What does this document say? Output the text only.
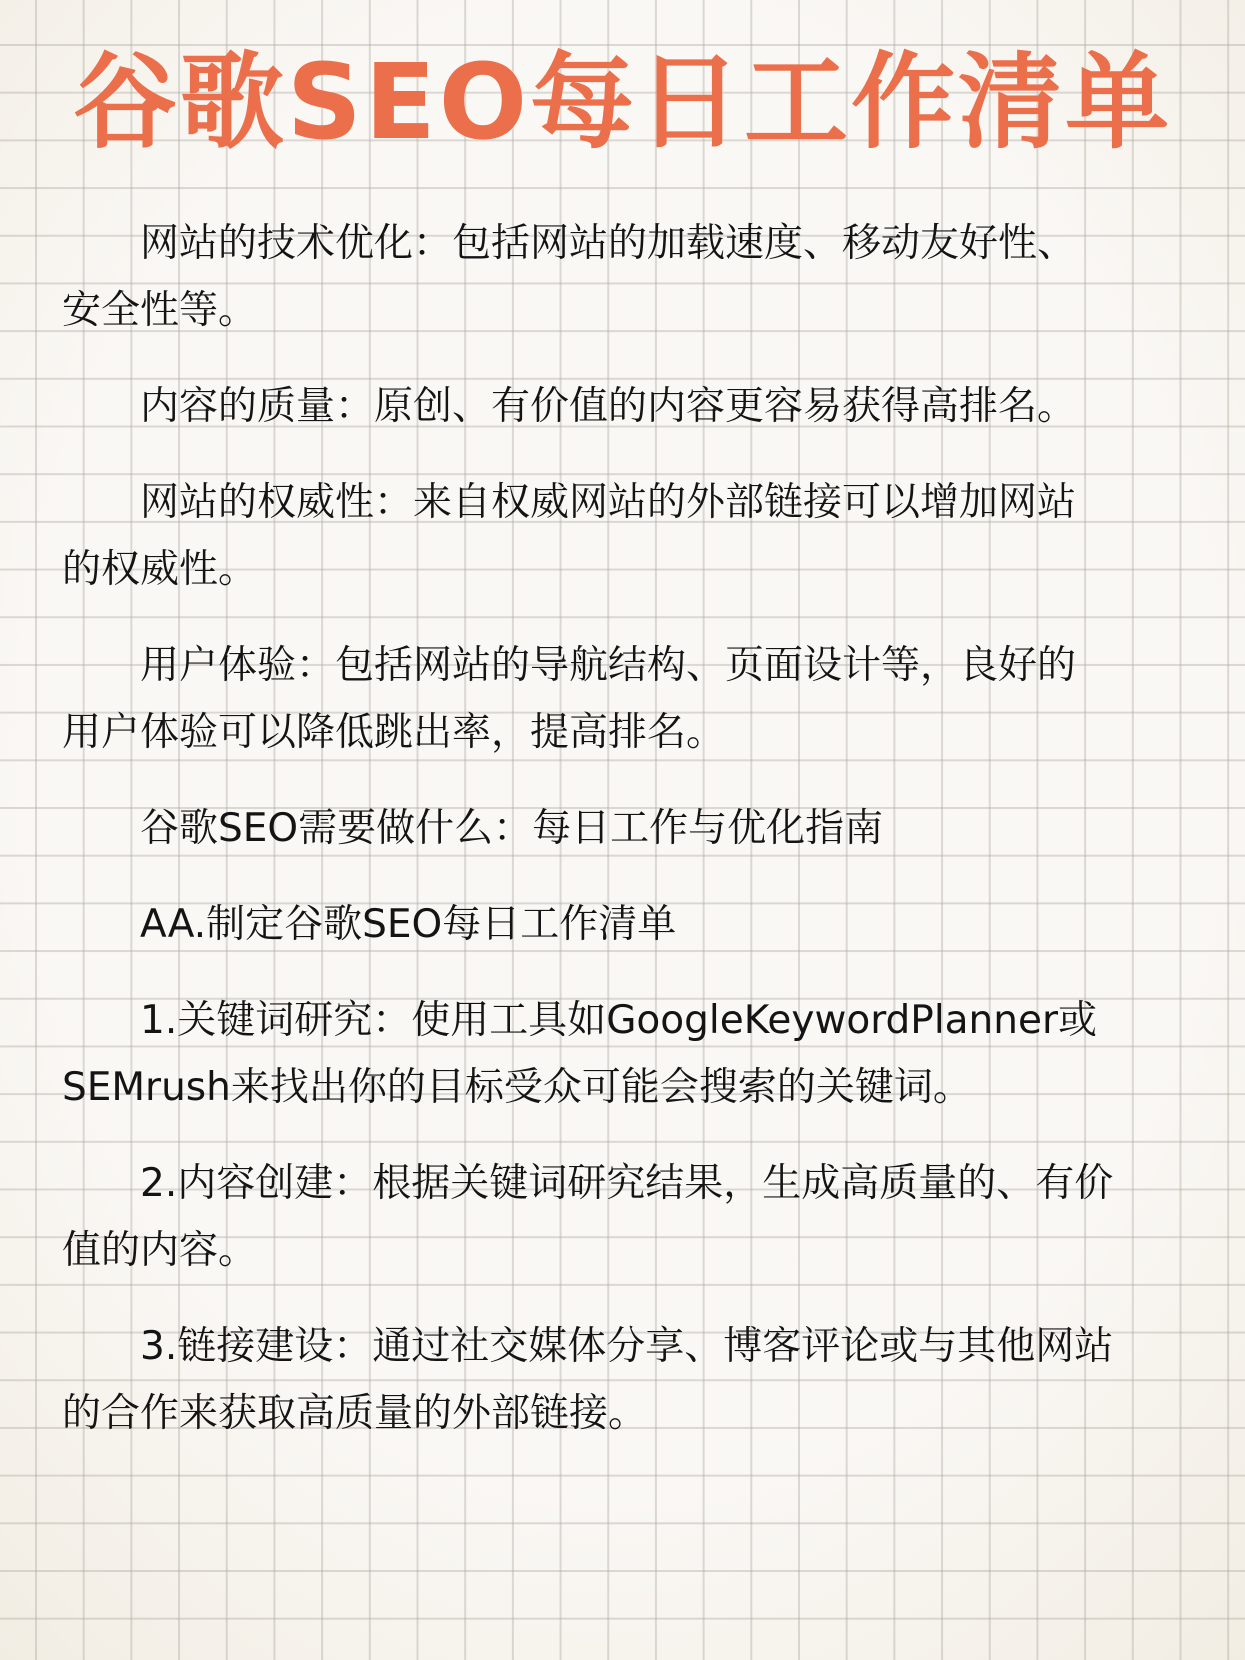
谷歌SEO每日工作清单

网站的技术优化：包括网站的加载速度、移动友好性、
安全性等。

内容的质量：原创、有价值的内容更容易获得高排名。

网站的权威性：来自权威网站的外部链接可以增加网站
的权威性。

用户体验：包括网站的导航结构、页面设计等，良好的
用户体验可以降低跳出率，提高排名。

谷歌SEO需要做什么：每日工作与优化指南

AA.制定谷歌SEO每日工作清单

1.关键词研究：使用工具如GoogleKeywordPlanner或
SEMrush来找出你的目标受众可能会搜索的关键词。

2.内容创建：根据关键词研究结果，生成高质量的、有价
值的内容。

3.链接建设：通过社交媒体分享、博客评论或与其他网站
的合作来获取高质量的外部链接。
